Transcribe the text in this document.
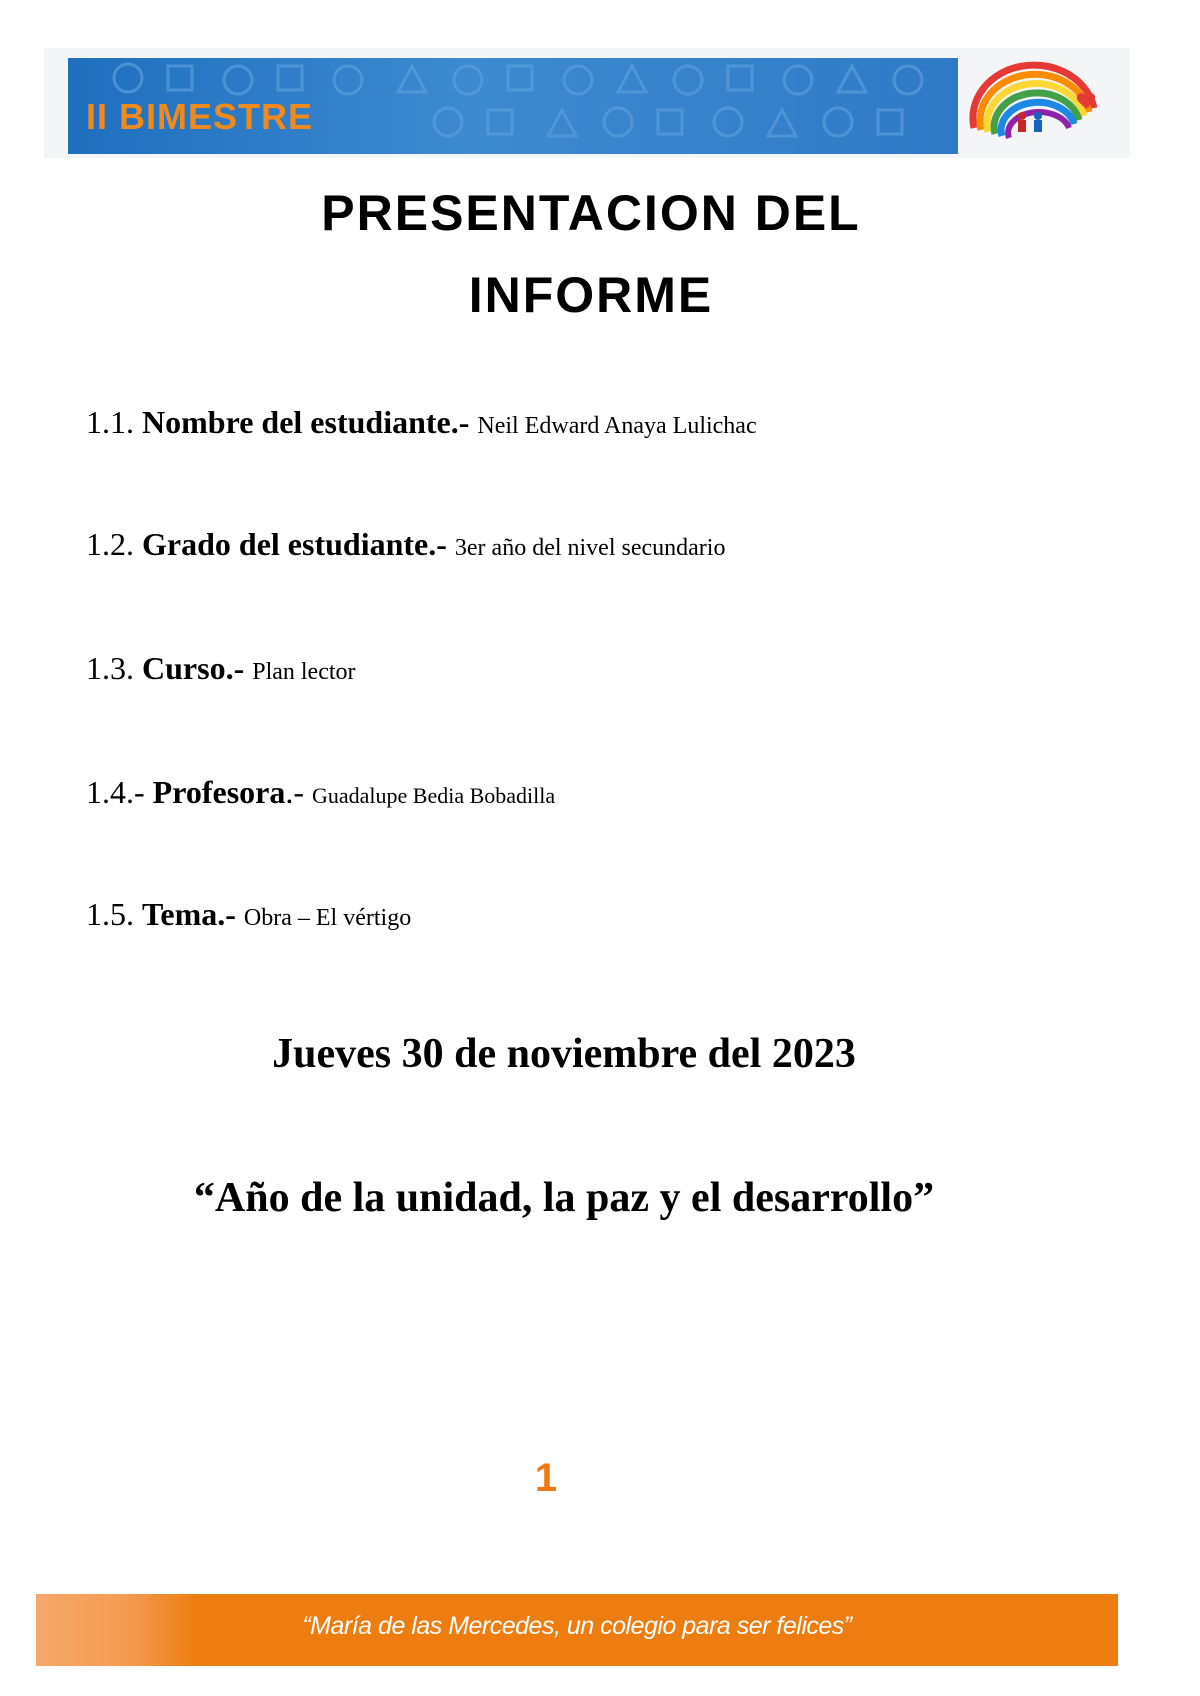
II BIMESTRE
PRESENTACION DEL
INFORME
1.1. Nombre del estudiante.- Neil Edward Anaya Lulichac
1.2. Grado del estudiante.- 3er año del nivel secundario
1.3. Curso.- Plan lector
1.4.- Profesora.- Guadalupe Bedia Bobadilla
1.5. Tema.- Obra – El vértigo
Jueves 30 de noviembre del 2023
“Año de la unidad, la paz y el desarrollo”
1
“María de las Mercedes, un colegio para ser felices”
